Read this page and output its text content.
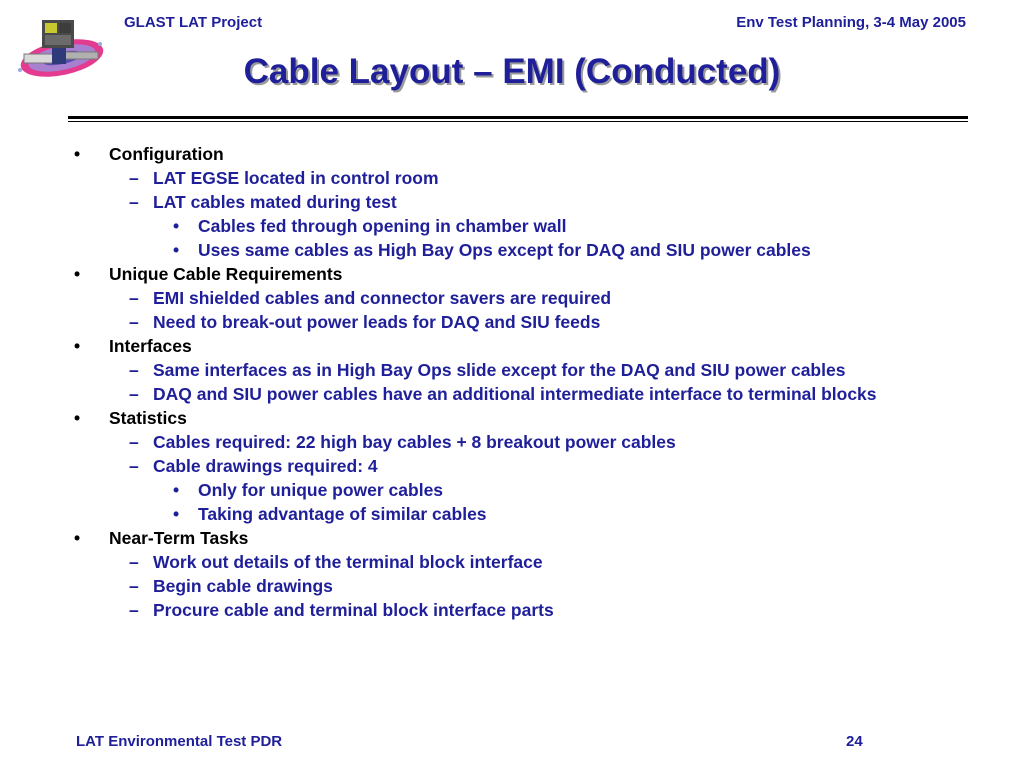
GLAST LAT Project	Env Test Planning, 3-4 May 2005
Cable Layout – EMI (Conducted)
• Configuration
– LAT EGSE located in control room
– LAT cables mated during test
• Cables fed through opening in chamber wall
• Uses same cables as High Bay Ops except for DAQ and SIU power cables
• Unique Cable Requirements
– EMI shielded cables and connector savers are required
– Need to break-out power leads for DAQ and SIU feeds
• Interfaces
– Same interfaces as in High Bay Ops slide except for the DAQ and SIU power cables
– DAQ and SIU power cables have an additional intermediate interface to terminal blocks
• Statistics
– Cables required: 22 high bay cables + 8 breakout power cables
– Cable drawings required: 4
• Only for unique power cables
• Taking advantage of similar cables
• Near-Term Tasks
– Work out details of the terminal block interface
– Begin cable drawings
– Procure cable and terminal block interface parts
LAT Environmental Test PDR	24
